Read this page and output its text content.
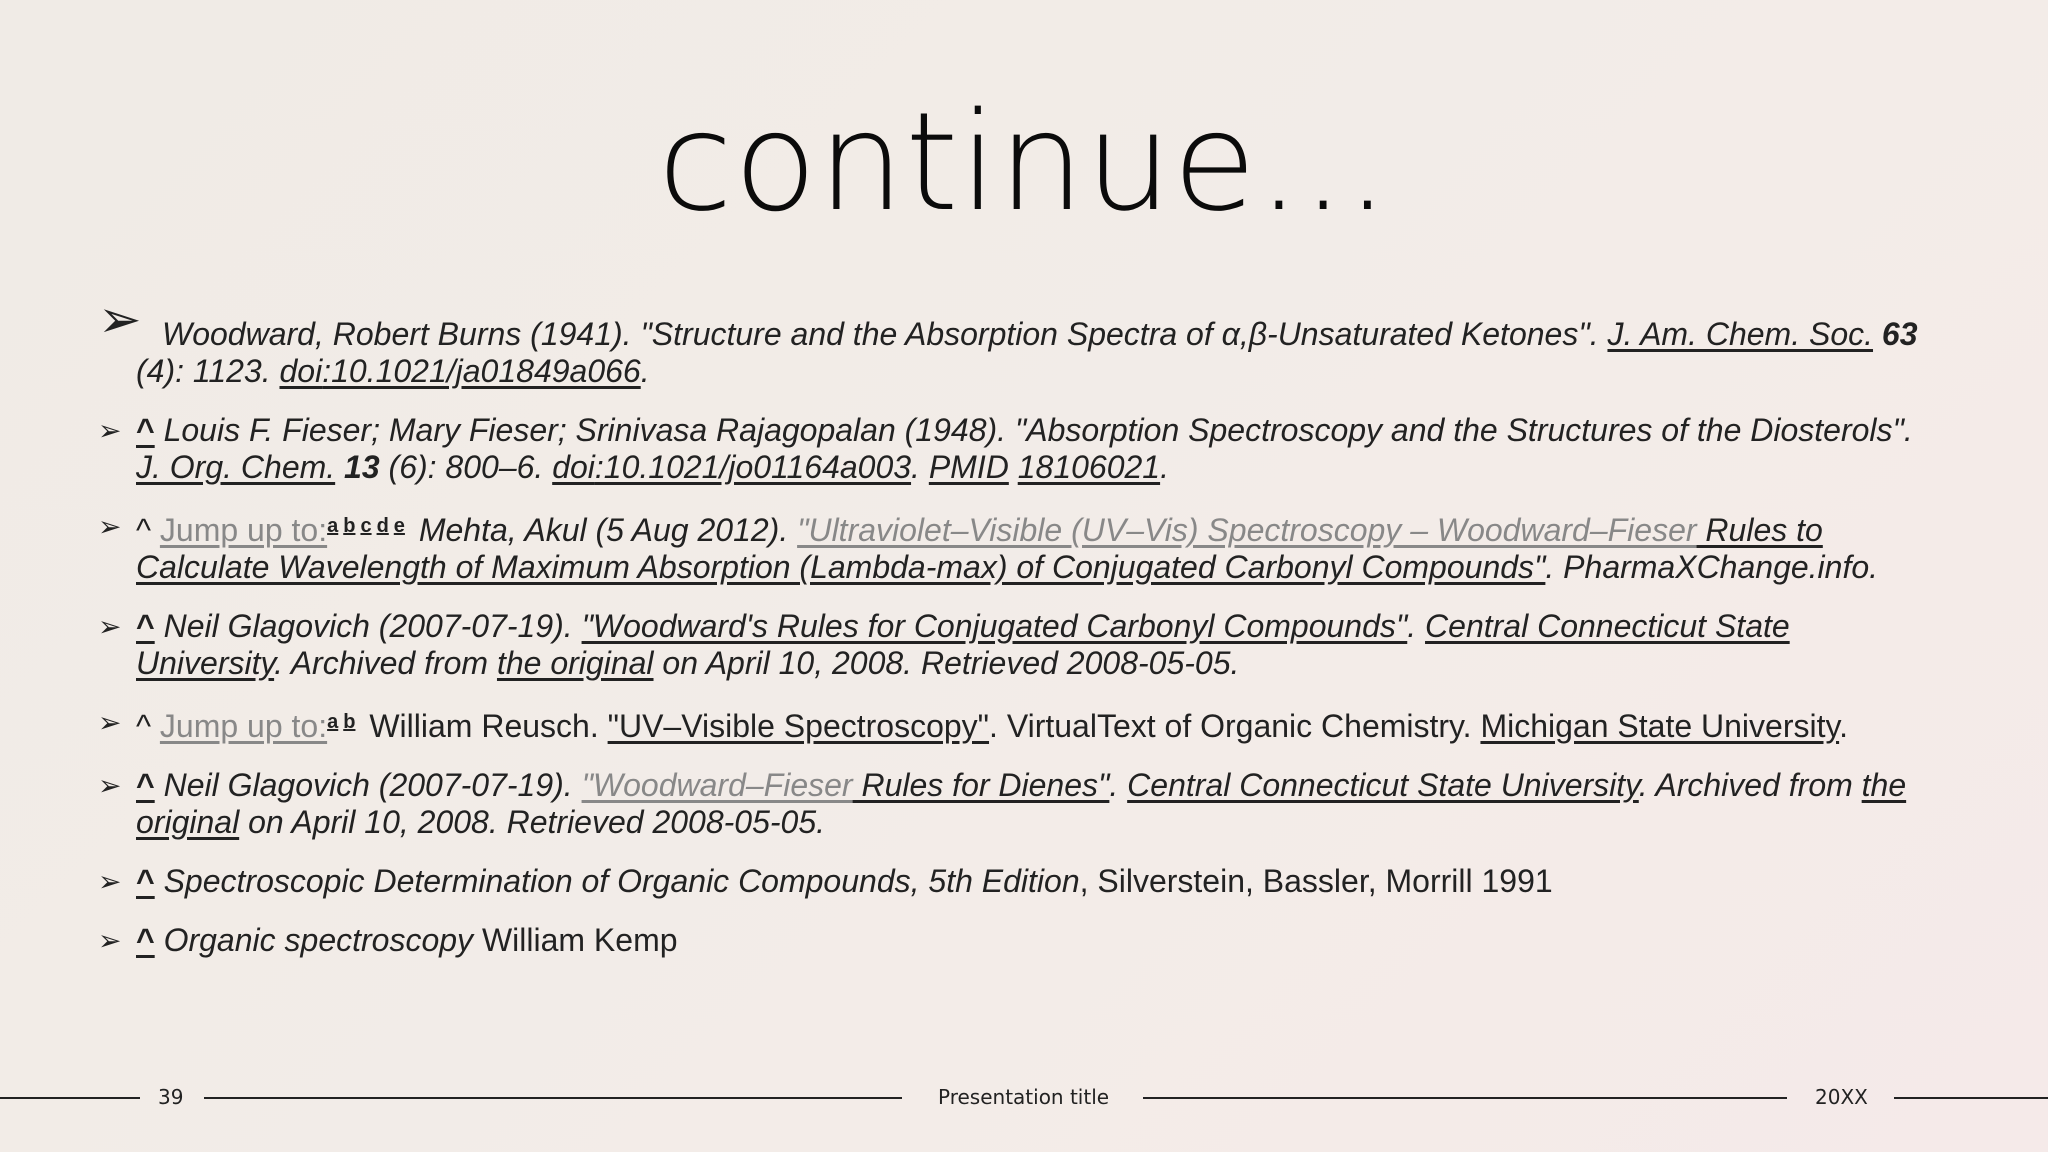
continue...
➢ Woodward, Robert Burns (1941). "Structure and the Absorption Spectra of α,β-Unsaturated Ketones". J. Am. Chem. Soc. 63 (4): 1123. doi:10.1021/ja01849a066.
➢ ^ Louis F. Fieser; Mary Fieser; Srinivasa Rajagopalan (1948). "Absorption Spectroscopy and the Structures of the Diosterols". J. Org. Chem. 13 (6): 800–6. doi:10.1021/jo01164a003. PMID 18106021.
➢ ^ Jump up to:$^a$ $^b$ $^c$ $^d$ $^e$ Mehta, Akul (5 Aug 2012). "Ultraviolet–Visible (UV–Vis) Spectroscopy – Woodward–Fieser Rules to Calculate Wavelength of Maximum Absorption (Lambda-max) of Conjugated Carbonyl Compounds". PharmaXChange.info.
➢ ^ Neil Glagovich (2007-07-19). "Woodward's Rules for Conjugated Carbonyl Compounds". Central Connecticut State University. Archived from the original on April 10, 2008. Retrieved 2008-05-05.
➢ ^ Jump up to:$^a$ $^b$ William Reusch. "UV–Visible Spectroscopy". VirtualText of Organic Chemistry. Michigan State University.
➢ ^ Neil Glagovich (2007-07-19). "Woodward–Fieser Rules for Dienes". Central Connecticut State University. Archived from the original on April 10, 2008. Retrieved 2008-05-05.
➢ ^ Spectroscopic Determination of Organic Compounds, 5th Edition, Silverstein, Bassler, Morrill 1991
➢ ^ Organic spectroscopy William Kemp
39	Presentation title	20XX
